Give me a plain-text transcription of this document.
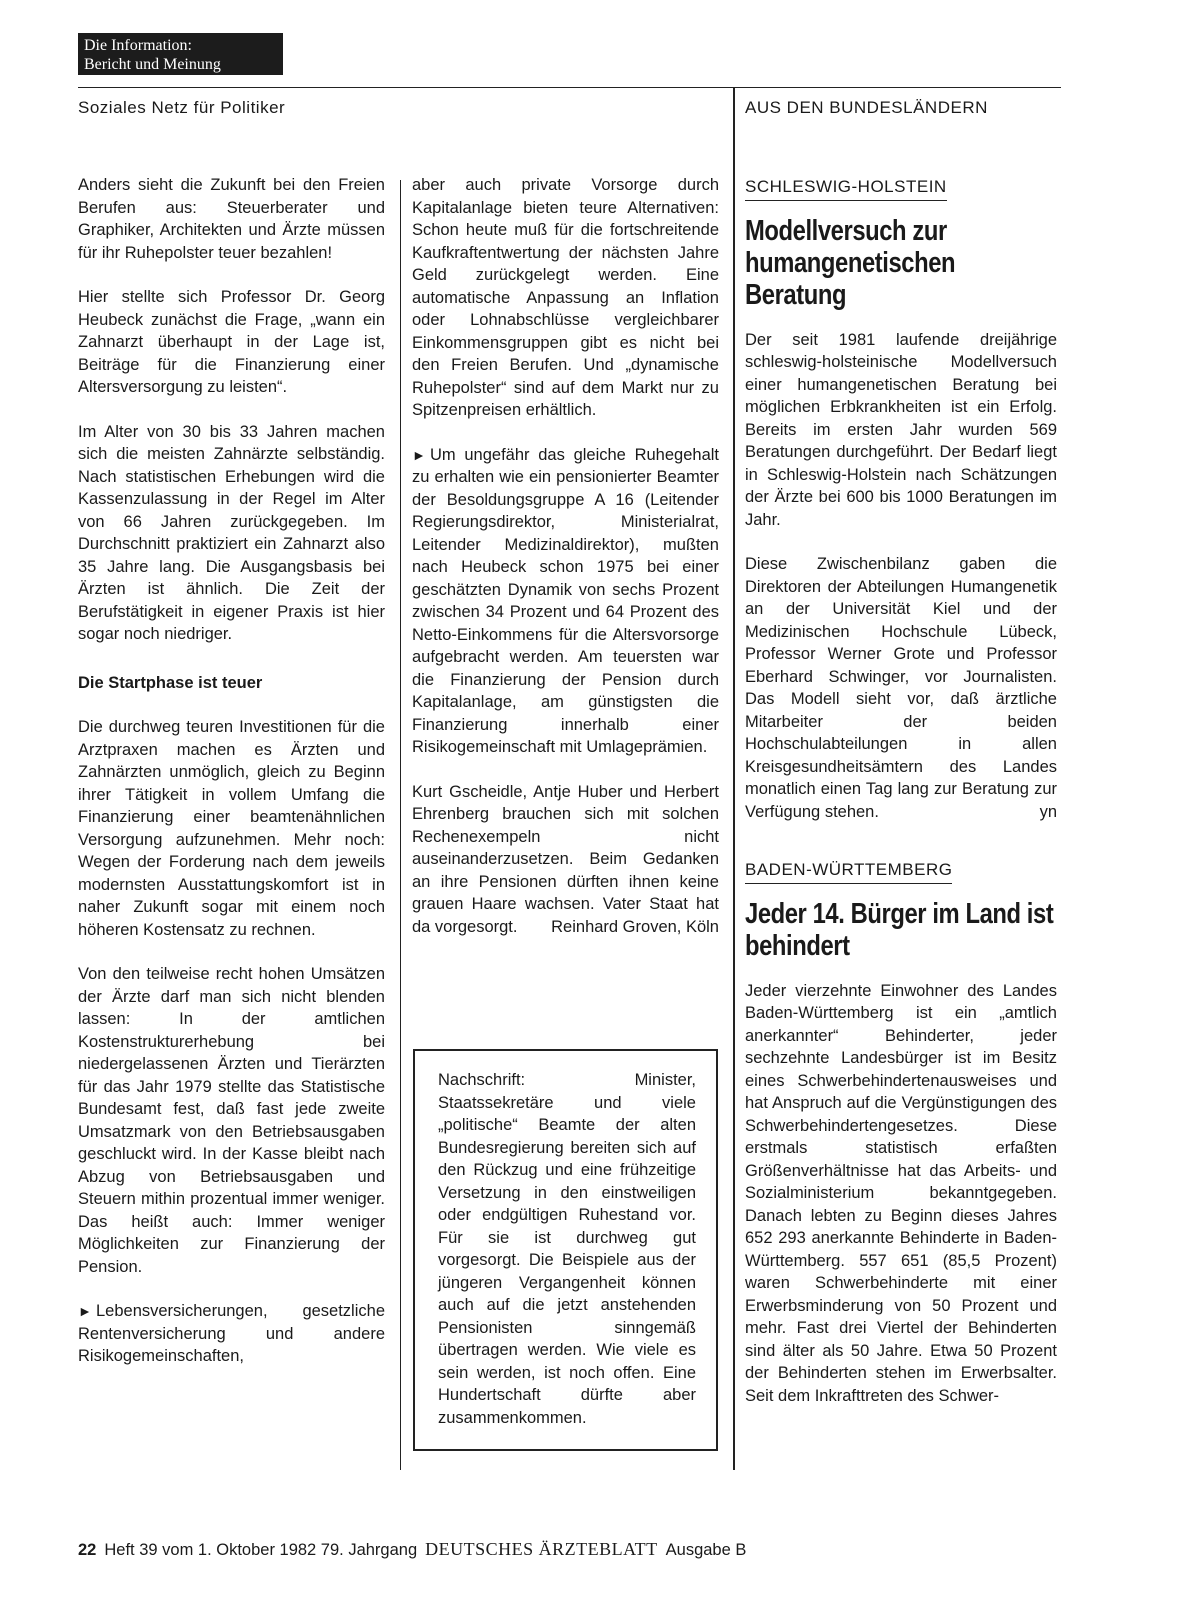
Die Information:
Bericht und Meinung
Soziales Netz für Politiker	AUS DEN BUNDESLÄNDERN

Anders sieht die Zukunft bei den Freien Berufen aus: Steuerberater und Graphiker, Architekten und Ärzte müssen für ihr Ruhepolster teuer bezahlen!

Hier stellte sich Professor Dr. Georg Heubeck zunächst die Frage, „wann ein Zahnarzt überhaupt in der Lage ist, Beiträge für die Finanzierung einer Altersversorgung zu leisten“.

Im Alter von 30 bis 33 Jahren machen sich die meisten Zahnärzte selbständig. Nach statistischen Erhebungen wird die Kassenzulassung in der Regel im Alter von 66 Jahren zurückgegeben. Im Durchschnitt praktiziert ein Zahnarzt also 35 Jahre lang. Die Ausgangsbasis bei Ärzten ist ähnlich. Die Zeit der Berufstätigkeit in eigener Praxis ist hier sogar noch niedriger.

Die Startphase ist teuer

Die durchweg teuren Investitionen für die Arztpraxen machen es Ärzten und Zahnärzten unmöglich, gleich zu Beginn ihrer Tätigkeit in vollem Umfang die Finanzierung einer beamtenähnlichen Versorgung aufzunehmen. Mehr noch: Wegen der Forderung nach dem jeweils modernsten Ausstattungskomfort ist in naher Zukunft sogar mit einem noch höheren Kostensatz zu rechnen.

Von den teilweise recht hohen Umsätzen der Ärzte darf man sich nicht blenden lassen: In der amtlichen Kostenstrukturerhebung bei niedergelassenen Ärzten und Tierärzten für das Jahr 1979 stellte das Statistische Bundesamt fest, daß fast jede zweite Umsatzmark von den Betriebsausgaben geschluckt wird. In der Kasse bleibt nach Abzug von Betriebsausgaben und Steuern mithin prozentual immer weniger. Das heißt auch: Immer weniger Möglichkeiten zur Finanzierung der Pension.

► Lebensversicherungen, gesetzliche Rentenversicherung und andere Risikogemeinschaften,

aber auch private Vorsorge durch Kapitalanlage bieten teure Alternativen: Schon heute muß für die fortschreitende Kaufkraftentwertung der nächsten Jahre Geld zurückgelegt werden. Eine automatische Anpassung an Inflation oder Lohnabschlüsse vergleichbarer Einkommensgruppen gibt es nicht bei den Freien Berufen. Und „dynamische Ruhepolster“ sind auf dem Markt nur zu Spitzenpreisen erhältlich.

► Um ungefähr das gleiche Ruhegehalt zu erhalten wie ein pensionierter Beamter der Besoldungsgruppe A 16 (Leitender Regierungsdirektor, Ministerialrat, Leitender Medizinaldirektor), mußten nach Heubeck schon 1975 bei einer geschätzten Dynamik von sechs Prozent zwischen 34 Prozent und 64 Prozent des Netto-Einkommens für die Altersvorsorge aufgebracht werden. Am teuersten war die Finanzierung der Pension durch Kapitalanlage, am günstigsten die Finanzierung innerhalb einer Risikogemeinschaft mit Umlageprämien.

Kurt Gscheidle, Antje Huber und Herbert Ehrenberg brauchen sich mit solchen Rechenexempeln nicht auseinanderzusetzen. Beim Gedanken an ihre Pensionen dürften ihnen keine grauen Haare wachsen. Vater Staat hat da vorgesorgt. Reinhard Groven, Köln

Nachschrift: Minister, Staatssekretäre und viele „politische“ Beamte der alten Bundesregierung bereiten sich auf den Rückzug und eine frühzeitige Versetzung in den einstweiligen oder endgültigen Ruhestand vor. Für sie ist durchweg gut vorgesorgt. Die Beispiele aus der jüngeren Vergangenheit können auch auf die jetzt anstehenden Pensionisten sinngemäß übertragen werden. Wie viele es sein werden, ist noch offen. Eine Hundertschaft dürfte aber zusammenkommen.
SCHLESWIG-HOLSTEIN
Modellversuch zur humangenetischen Beratung

Der seit 1981 laufende dreijährige schleswig-holsteinische Modellversuch einer humangenetischen Beratung bei möglichen Erbkrankheiten ist ein Erfolg. Bereits im ersten Jahr wurden 569 Beratungen durchgeführt. Der Bedarf liegt in Schleswig-Holstein nach Schätzungen der Ärzte bei 600 bis 1000 Beratungen im Jahr.

Diese Zwischenbilanz gaben die Direktoren der Abteilungen Humangenetik an der Universität Kiel und der Medizinischen Hochschule Lübeck, Professor Werner Grote und Professor Eberhard Schwinger, vor Journalisten. Das Modell sieht vor, daß ärztliche Mitarbeiter der beiden Hochschulabteilungen in allen Kreisgesundheitsämtern des Landes monatlich einen Tag lang zur Beratung zur Verfügung stehen.	yn

BADEN-WÜRTTEMBERG
Jeder 14. Bürger im Land ist behindert

Jeder vierzehnte Einwohner des Landes Baden-Württemberg ist ein „amtlich anerkannter“ Behinderter, jeder sechzehnte Landesbürger ist im Besitz eines Schwerbehindertenausweises und hat Anspruch auf die Vergünstigungen des Schwerbehindertengesetzes. Diese erstmals statistisch erfaßten Größenverhältnisse hat das Arbeits- und Sozialministerium bekanntgegeben. Danach lebten zu Beginn dieses Jahres 652 293 anerkannte Behinderte in Baden-Württemberg. 557 651 (85,5 Prozent) waren Schwerbehinderte mit einer Erwerbsminderung von 50 Prozent und mehr. Fast drei Viertel der Behinderten sind älter als 50 Jahre. Etwa 50 Prozent der Behinderten stehen im Erwerbsalter. Seit dem Inkrafttreten des Schwer-

22 Heft 39 vom 1. Oktober 1982 79. Jahrgang DEUTSCHES ÄRZTEBLATT Ausgabe B
